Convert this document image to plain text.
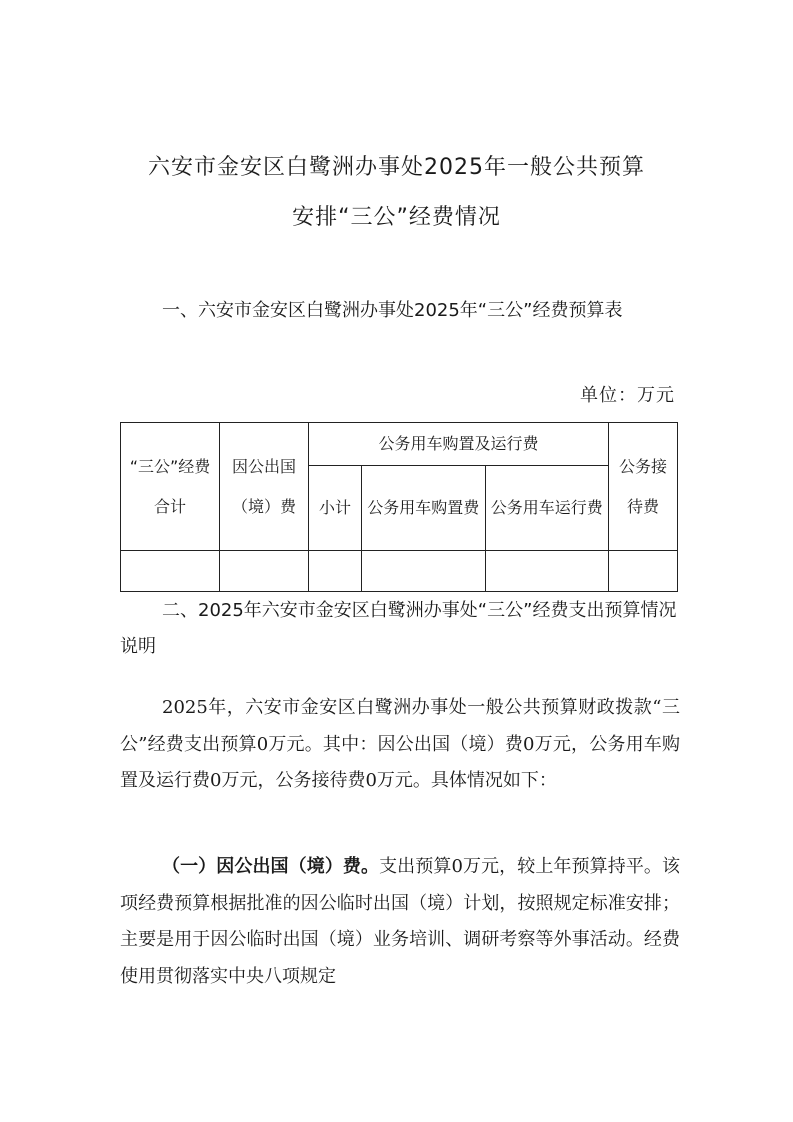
六安市金安区白鹭洲办事处2025年一般公共预算
安排“三公”经费情况

一、六安市金安区白鹭洲办事处2025年“三公”经费预算表

单位：万元
“三公”经费合计	因公出国（境）费	公务用车购置及运行费			公务接待费
		小计	公务用车购置费	公务用车运行费	

二、2025年六安市金安区白鹭洲办事处“三公”经费支出预算情况说明

2025年，六安市金安区白鹭洲办事处一般公共预算财政拨款“三公”经费支出预算0万元。其中：因公出国（境）费0万元，公务用车购置及运行费0万元，公务接待费0万元。具体情况如下：

（一）因公出国（境）费。支出预算0万元，较上年预算持平。该项经费预算根据批准的因公临时出国（境）计划，按照规定标准安排；主要是用于因公临时出国（境）业务培训、调研考察等外事活动。经费使用贯彻落实中央八项规定
